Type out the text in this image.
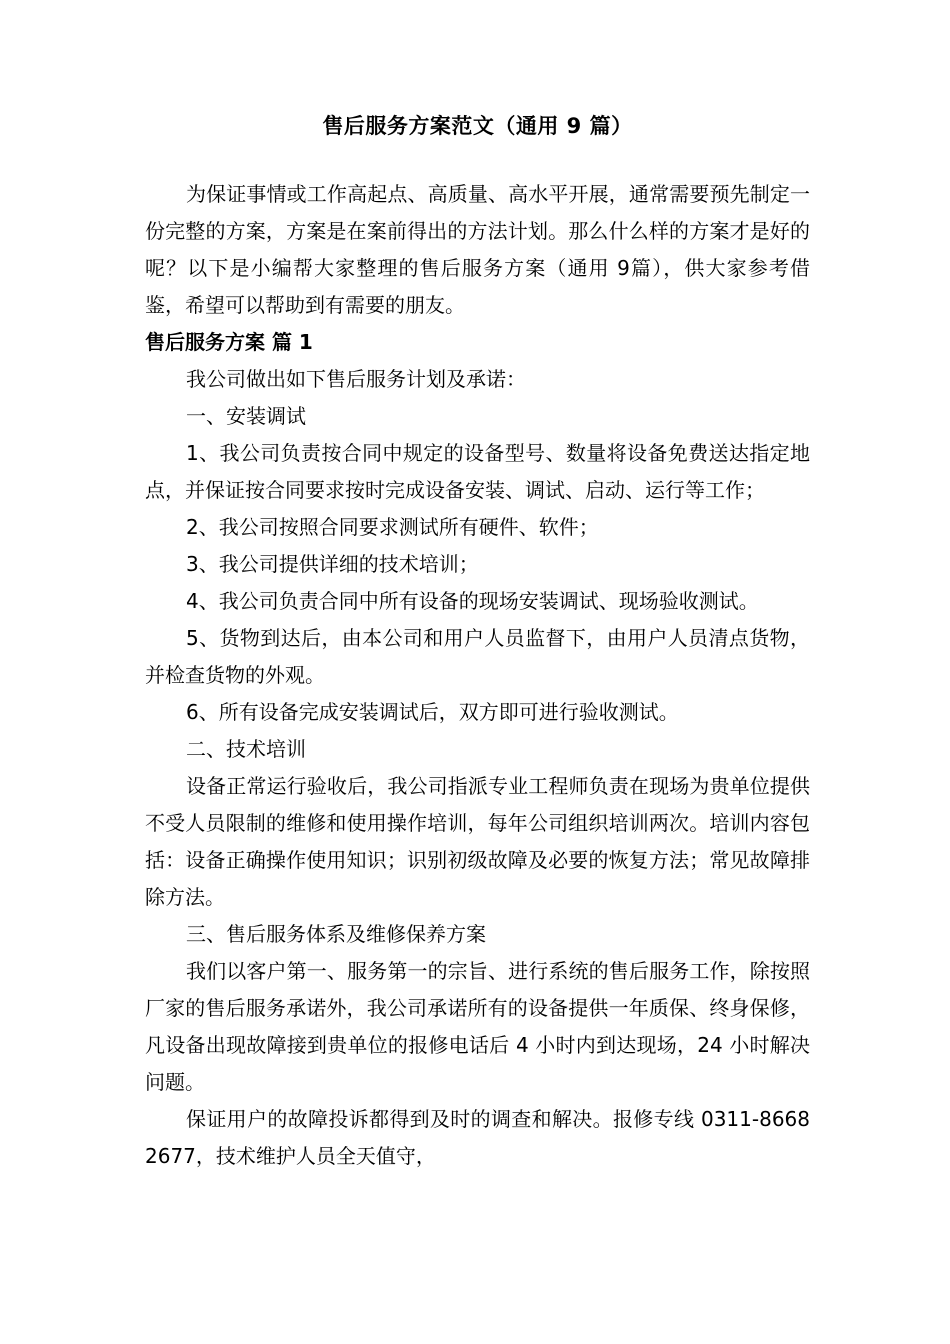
售后服务方案范文（通用 9 篇）

为保证事情或工作高起点、高质量、高水平开展，通常需要预先制定一份完整的方案，方案是在案前得出的方法计划。那么什么样的方案才是好的呢？以下是小编帮大家整理的售后服务方案（通用 9篇），供大家参考借鉴，希望可以帮助到有需要的朋友。

售后服务方案 篇 1

我公司做出如下售后服务计划及承诺：

一、安装调试

1、我公司负责按合同中规定的设备型号、数量将设备免费送达指定地点，并保证按合同要求按时完成设备安装、调试、启动、运行等工作；

2、我公司按照合同要求测试所有硬件、软件；

3、我公司提供详细的技术培训；

4、我公司负责合同中所有设备的现场安装调试、现场验收测试。

5、货物到达后，由本公司和用户人员监督下，由用户人员清点货物，并检查货物的外观。

6、所有设备完成安装调试后，双方即可进行验收测试。

二、技术培训

设备正常运行验收后，我公司指派专业工程师负责在现场为贵单位提供不受人员限制的维修和使用操作培训，每年公司组织培训两次。培训内容包括：设备正确操作使用知识；识别初级故障及必要的恢复方法；常见故障排除方法。

三、售后服务体系及维修保养方案

我们以客户第一、服务第一的宗旨、进行系统的售后服务工作，除按照厂家的售后服务承诺外，我公司承诺所有的设备提供一年质保、终身保修，凡设备出现故障接到贵单位的报修电话后 4 小时内到达现场，24 小时解决问题。

保证用户的故障投诉都得到及时的调查和解决。报修专线 0311-86682677，技术维护人员全天值守，
